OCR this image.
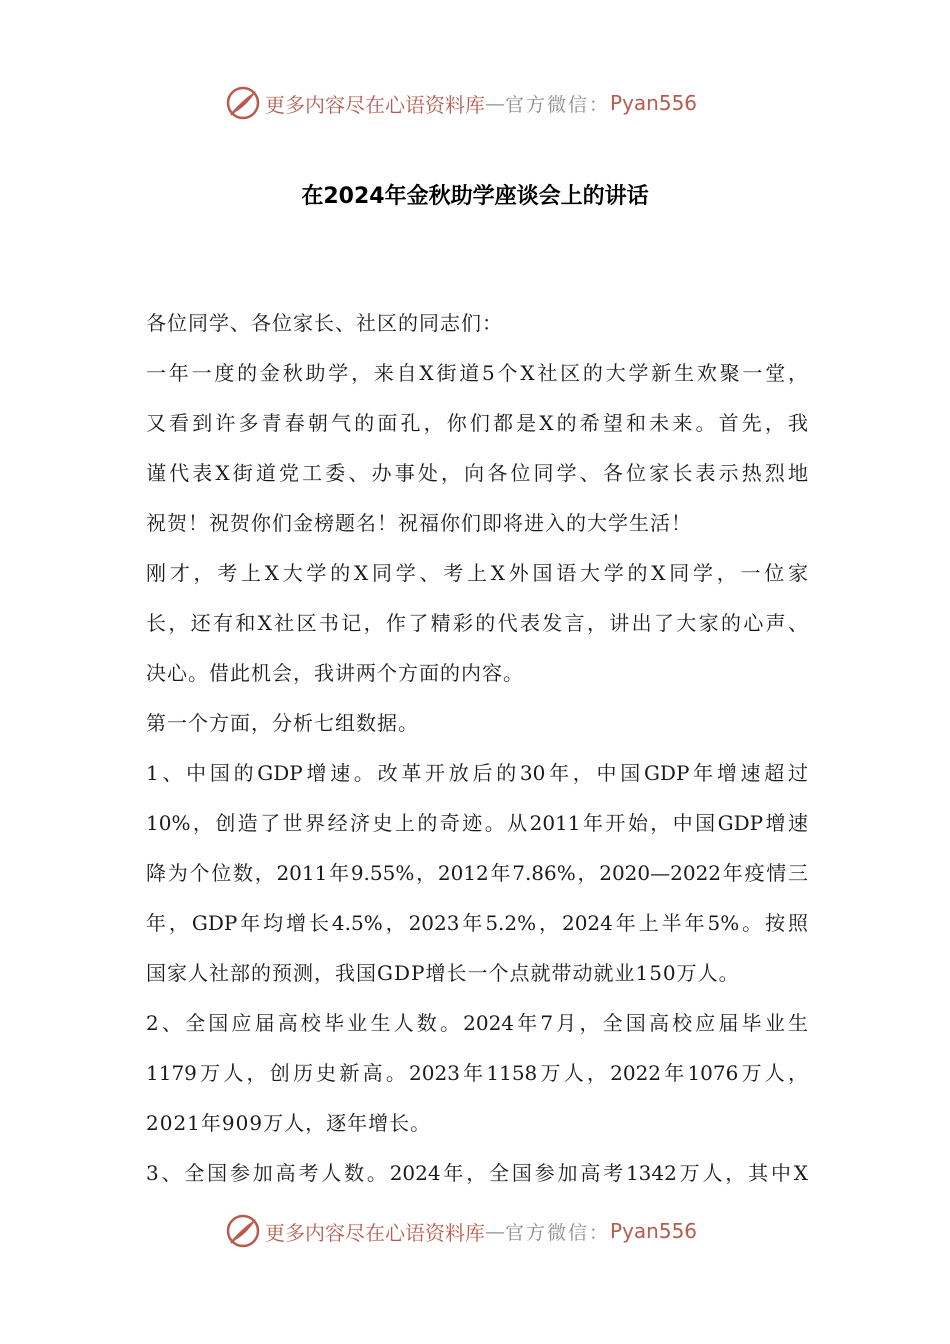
更多内容尽在心语资料库 — 官方微信： Pyan556
在2024年金秋助学座谈会上的讲话
各位同学、各位家长、社区的同志们：
一年一度的金秋助学，来自X街道5个X社区的大学新生欢聚一堂，
又看到许多青春朝气的面孔，你们都是X的希望和未来。首先，我
谨代表X街道党工委、办事处，向各位同学、各位家长表示热烈地
祝贺！祝贺你们金榜题名！祝福你们即将进入的大学生活！
刚才，考上X大学的X同学、考上X外国语大学的X同学，一位家
长，还有和X社区书记，作了精彩的代表发言，讲出了大家的心声、
决心。借此机会，我讲两个方面的内容。
第一个方面，分析七组数据。
1、中国的GDP增速。改革开放后的30年，中国GDP年增速超过
10%，创造了世界经济史上的奇迹。从2011年开始，中国GDP增速
降为个位数，2011年9.55%，2012年7.86%，2020—2022年疫情三
年，GDP年均增长4.5%，2023年5.2%，2024年上半年5%。按照
国家人社部的预测，我国GDP增长一个点就带动就业150万人。
2、全国应届高校毕业生人数。2024年7月，全国高校应届毕业生
1179万人，创历史新高。2023年1158万人，2022年1076万人，
2021年909万人，逐年增长。
3、全国参加高考人数。2024年，全国参加高考1342万人，其中X
更多内容尽在心语资料库 — 官方微信： Pyan556
